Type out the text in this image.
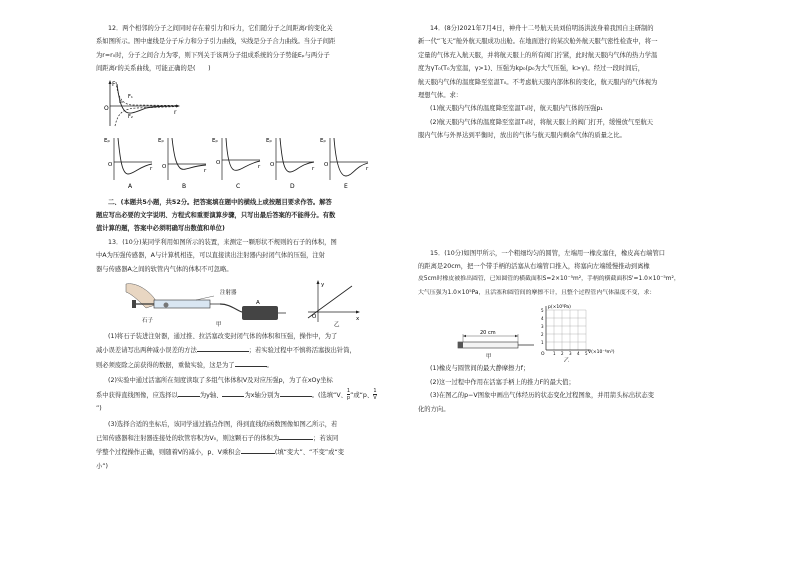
12．两个相邻的分子之间同时存在着引力和斥力，它们随分子之间距离r的变化关

系如图所示。图中虚线是分子斥力和分子引力曲线，实线是分子合力曲线。当分子间距

为r=r₀时，分子之间合力为零，则下列关于该两分子组成系统的分子势能Eₚ与两分子

间距离r的关系曲线，可能正确的是(　　)

F
O
r
r₀
F₁
F₂
Eₚ
O
r
A
Eₚ
O
r
B
Eₚ
O
r
C
Eₚ
O
r
D
Eₚ
O
r
E

二、(本题共5小题，共52分。把答案填在题中的横线上或按题目要求作答。解答

题应写出必要的文字说明、方程式和重要演算步骤，只写出最后答案的不能得分。有数

值计算的题，答案中必须明确写出数值和单位)

13．(10分)某同学利用如图所示的装置，来测定一颗形状不规则的石子的体积，图

中A为压强传感器，A与计算机相连，可以直接读出注射器内封闭气体的压强，注射

器与传感器A之间的软管内气体的体积不可忽略。

注射器
石子
A
甲
O
y
x
乙

(1)将石子装进注射器，通过推、拉活塞改变封闭气体的体积和压强，操作中，为了

减小误差请写出两种减小误差的方法	；若实验过程中不慎将活塞拔出针筒，

则必须废除之前获得的数据，重做实验，这是为了	。

(2)实验中通过活塞所在刻度读取了多组气体体积V及对应压强p，为了在xOy坐标

系中获得直线图像，应选择以	为y轴、	为x轴分别为	。(选填“V、 $\frac{1}{p}$ ”或“p、 $\frac{1}{V}$
”)

(3)选择合适的坐标后，该同学通过描点作图，得到直线的函数图像如图乙所示，若

已知传感器和注射器连接处的软管容积为V₀，则这颗石子的体积为	；若该同

学整个过程操作正确，则随着V的减小，p、V乘积会	(填“变大”、“不变”或“变

小”)

14．(8分)2021年7月4日，神舟十二号航天员刘伯明汤洪波身着我国自主研制的

新一代“飞天”舱外航天服成功出舱。在地面进行的某次舱外航天服气密性检查中，将一

定量的气体充入航天服，并将航天服上的所有阀门拧紧，此时航天服内气体的热力学温

度为γT₀(T₀为室温，γ>1)、压强为kp₀(p₀为大气压强，k>γ)。经过一段时间后，

航天服内气体的温度降至室温T₀。不考虑航天服内部体积的变化，航天服内的气体视为

理想气体。求：

(1)航天服内气体的温度降至室温T₀时，航天服内气体的压强p₁

(2)航天服内气体的温度降至室温T₀时，将航天服上的阀门打开，缓慢放气至航天

服内气体与外界达到平衡时，放出的气体与航天服内剩余气体的质量之比。

15．(10分)如图甲所示，一个粗细均匀的圆管，左端用一橡皮塞住，橡皮高右端管口

的距离是20cm，把一个带手柄的活塞从右端管口推入，将塞向左端缓慢推动到离橡

皮5cm时橡皮被推出圆管，已知圆管的横截面积S=2×10⁻⁵m²，手柄的横截面积S'=1.0×10⁻⁵m²，

大气压强为1.0×10⁵Pa，且活塞和圆管间的摩擦不计，且整个过程管内气体温度不变，求：

20 cm
甲
p(×10⁵Pa)
V(×10⁻⁶m³)
O
5
4
3
2
1
1 2 3 4 5
乙

(1)橡皮与圆管间的最大静摩擦力f；

(2)这一过程中作用在活塞手柄上的推力F的最大值；

(3)在图乙的p−V图象中画出气体经历的状态变化过程图象，并用箭头标出状态变

化的方向。
